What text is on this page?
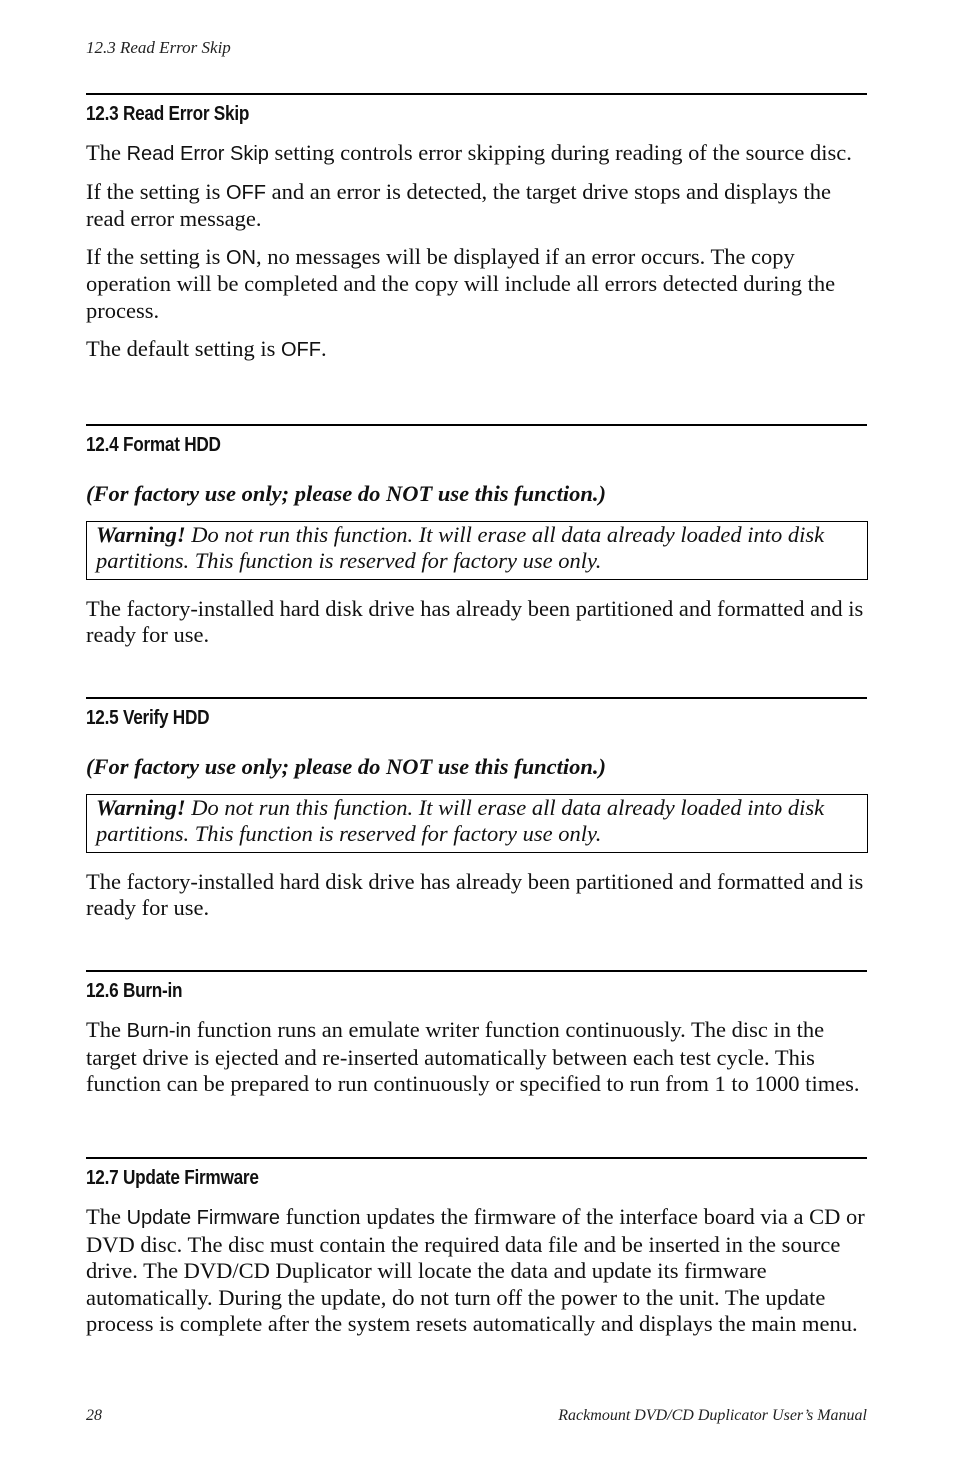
12.3 Read Error Skip
12.3 Read Error Skip

The Read Error Skip setting controls error skipping during reading of the source disc.

If the setting is OFF and an error is detected, the target drive stops and displays the read error message.

If the setting is ON, no messages will be displayed if an error occurs. The copy operation will be completed and the copy will include all errors detected during the process.

The default setting is OFF.

12.4 Format HDD

(For factory use only; please do NOT use this function.)

Warning! Do not run this function. It will erase all data already loaded into disk partitions. This function is reserved for factory use only.

The factory-installed hard disk drive has already been partitioned and formatted and is ready for use.

12.5 Verify HDD

(For factory use only; please do NOT use this function.)

Warning! Do not run this function. It will erase all data already loaded into disk partitions. This function is reserved for factory use only.

The factory-installed hard disk drive has already been partitioned and formatted and is ready for use.

12.6 Burn-in

The Burn-in function runs an emulate writer function continuously. The disc in the target drive is ejected and re-inserted automatically between each test cycle. This function can be prepared to run continuously or specified to run from 1 to 1000 times.

12.7 Update Firmware

The Update Firmware function updates the firmware of the interface board via a CD or DVD disc. The disc must contain the required data file and be inserted in the source drive. The DVD/CD Duplicator will locate the data and update its firmware automatically. During the update, do not turn off the power to the unit. The update process is complete after the system resets automatically and displays the main menu.

28	Rackmount DVD/CD Duplicator User’s Manual
